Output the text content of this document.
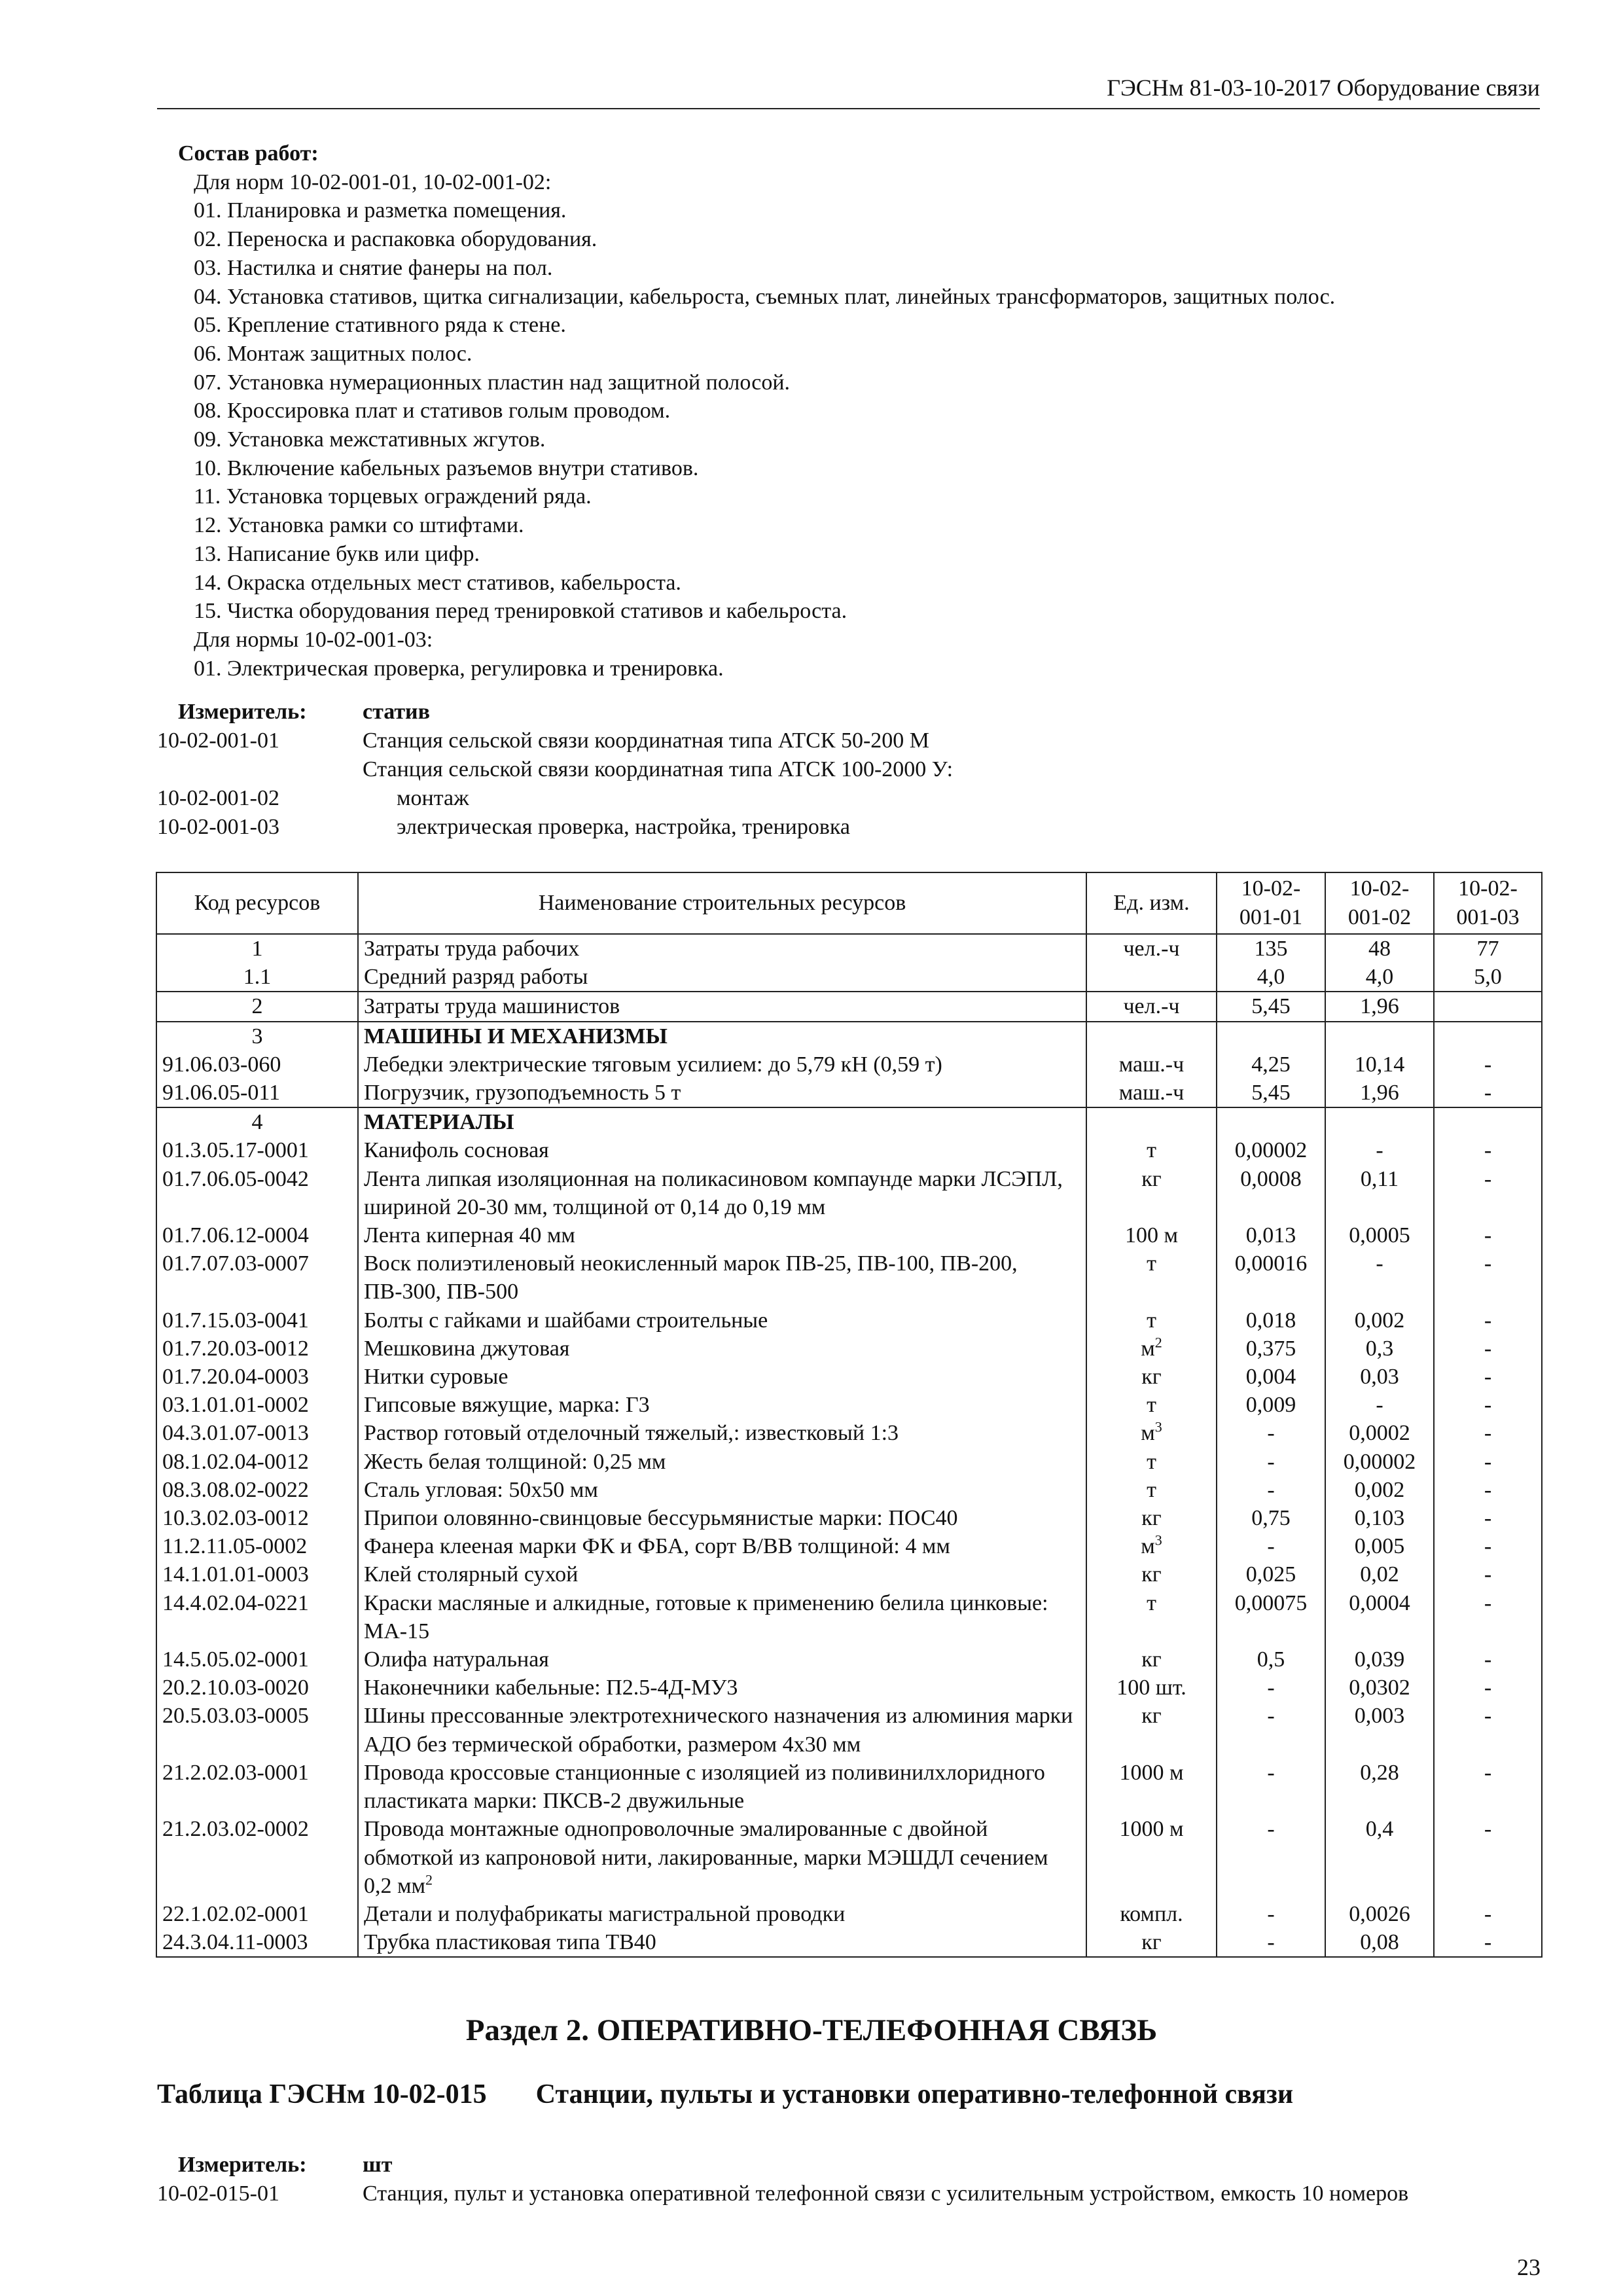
ГЭСНм 81-03-10-2017 Оборудование связи
Состав работ:
Для норм 10-02-001-01, 10-02-001-02:
01. Планировка и разметка помещения.
02. Переноска и распаковка оборудования.
03. Настилка и снятие фанеры на пол.
04. Установка стативов, щитка сигнализации, кабельроста, съемных плат, линейных трансформаторов, защитных полос.
05. Крепление стативного ряда к стене.
06. Монтаж защитных полос.
07. Установка нумерационных пластин над защитной полосой.
08. Кроссировка плат и стативов голым проводом.
09. Установка межстативных жгутов.
10. Включение кабельных разъемов внутри стативов.
11. Установка торцевых ограждений ряда.
12. Установка рамки со штифтами.
13. Написание букв или цифр.
14. Окраска отдельных мест стативов, кабельроста.
15. Чистка оборудования перед тренировкой стативов и кабельроста.
Для нормы 10-02-001-03:
01. Электрическая проверка, регулировка и тренировка.
Измеритель:	статив
10-02-001-01	Станция сельской связи координатная типа АТСК 50-200 М
Станция сельской связи координатная типа АТСК 100-2000 У:
10-02-001-02	монтаж
10-02-001-03	электрическая проверка, настройка, тренировка
Код ресурсов	Наименование строительных ресурсов	Ед. изм.	10-02-001-01	10-02-001-02	10-02-001-03
1	Затраты труда рабочих	чел.-ч	135	48	77
1.1	Средний разряд работы		4,0	4,0	5,0
2	Затраты труда машинистов	чел.-ч	5,45	1,96	
3	МАШИНЫ И МЕХАНИЗМЫ				
91.06.03-060	Лебедки электрические тяговым усилием: до 5,79 кН (0,59 т)	маш.-ч	4,25	10,14	-
91.06.05-011	Погрузчик, грузоподъемность 5 т	маш.-ч	5,45	1,96	-
4	МАТЕРИАЛЫ				
01.3.05.17-0001	Канифоль сосновая	т	0,00002	-	-
01.7.06.05-0042	Лента липкая изоляционная на поликасиновом компаунде марки ЛСЭПЛ, шириной 20-30 мм, толщиной от 0,14 до 0,19 мм	кг	0,0008	0,11	-
01.7.06.12-0004	Лента киперная 40 мм	100 м	0,013	0,0005	-
01.7.07.03-0007	Воск полиэтиленовый неокисленный марок ПВ-25, ПВ-100, ПВ-200, ПВ-300, ПВ-500	т	0,00016	-	-
01.7.15.03-0041	Болты с гайками и шайбами строительные	т	0,018	0,002	-
01.7.20.03-0012	Мешковина джутовая	$м^2$	0,375	0,3	-
01.7.20.04-0003	Нитки суровые	кг	0,004	0,03	-
03.1.01.01-0002	Гипсовые вяжущие, марка: Г3	т	0,009	-	-
04.3.01.07-0013	Раствор готовый отделочный тяжелый,: известковый 1:3	$м^3$	-	0,0002	-
08.1.02.04-0012	Жесть белая толщиной: 0,25 мм	т	-	0,00002	-
08.3.08.02-0022	Сталь угловая: 50х50 мм	т	-	0,002	-
10.3.02.03-0012	Припои оловянно-свинцовые бессурьмянистые марки: ПОС40	кг	0,75	0,103	-
11.2.11.05-0002	Фанера клееная марки ФК и ФБА, сорт В/ВВ толщиной: 4 мм	$м^3$	-	0,005	-
14.1.01.01-0003	Клей столярный сухой	кг	0,025	0,02	-
14.4.02.04-0221	Краски масляные и алкидные, готовые к применению белила цинковые: МА-15	т	0,00075	0,0004	-
14.5.05.02-0001	Олифа натуральная	кг	0,5	0,039	-
20.2.10.03-0020	Наконечники кабельные: П2.5-4Д-МУ3	100 шт.	-	0,0302	-
20.5.03.03-0005	Шины прессованные электротехнического назначения из алюминия марки АДО без термической обработки, размером 4х30 мм	кг	-	0,003	-
21.2.02.03-0001	Провода кроссовые станционные с изоляцией из поливинилхлоридного пластиката марки: ПКСВ-2 двужильные	1000 м	-	0,28	-
21.2.03.02-0002	Провода монтажные однопроволочные эмалированные с двойной обмоткой из капроновой нити, лакированные, марки МЭШДЛ сечением 0,2 $мм^2$	1000 м	-	0,4	-
22.1.02.02-0001	Детали и полуфабрикаты магистральной проводки	компл.	-	0,0026	-
24.3.04.11-0003	Трубка пластиковая типа ТВ40	кг	-	0,08	-
Раздел 2. ОПЕРАТИВНО-ТЕЛЕФОННАЯ СВЯЗЬ
Таблица ГЭСНм 10-02-015 Станции, пульты и установки оперативно-телефонной связи
Измеритель:	шт
10-02-015-01	Станция, пульт и установка оперативной телефонной связи с усилительным устройством, емкость 10 номеров
23
